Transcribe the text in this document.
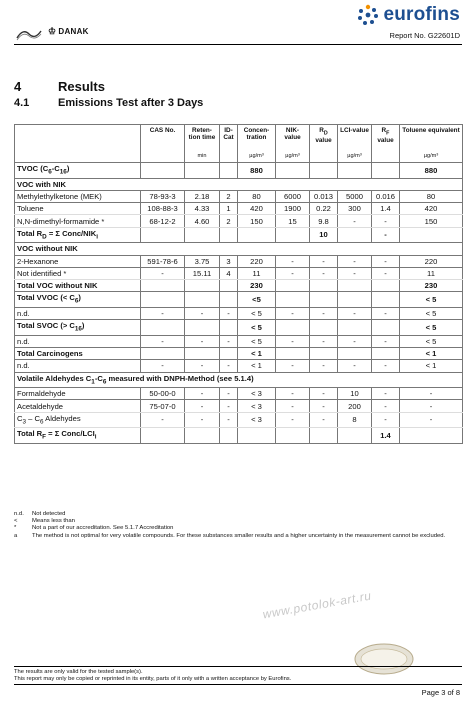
♔ DANAK
eurofins
Report No. G22601D
4	Results
4.1	Emissions Test after 3 Days
	CAS No.	Reten-tion time	ID-Cat	Concen-tration	NIK-value	$R_D$ value	LCI-value	$R_F$ value	Toluene equivalent
		min		µg/m³	µg/m³		µg/m³		µg/m³
TVOC $(C_6-C_{16})$				880					880
VOC with NIK									
Methylethylketone (MEK)	78-93-3	2.18	2	80	6000	0.013	5000	0.016	80
Toluene	108-88-3	4.33	1	420	1900	0.22	300	1.4	420
N,N-dimethyl-formamide *	68-12-2	4.60	2	150	15	9.8	-	-	150
Total $R_D = \Sigma$ Conc/$NIK_i$						10		-	
VOC without NIK									
2-Hexanone	591-78-6	3.75	3	220	-	-	-	-	220
Not identified *	-	15.11	4	11	-	-	-	-	11
Total VOC without NIK				230					230
Total VVOC (< $C_6$)				<5					< 5
n.d.	-	-	-	< 5	-	-	-	-	< 5
Total SVOC (> $C_{16}$)				< 5					< 5
n.d.	-	-	-	< 5	-	-	-	-	< 5
Total Carcinogens				< 1					< 1
n.d.	-	-	-	< 1	-	-	-	-	< 1
Volatile Aldehydes $C_1-C_6$ measured with DNPH-Method (see 5.1.4)									
Formaldehyde	50-00-0	-	-	< 3	-	-	10	-	-
Acetaldehyde	75-07-0	-	-	< 3	-	-	200	-	-
$C_3 - C_6$ Aldehydes	-	-	-	< 3	-	-	8	-	-
Total $R_F = \Sigma$ Conc/$LCI_i$								1.4	
n.d.	Not detected
<	Means less than
*	Not a part of our accreditation. See 5.1.7 Accreditation
a	The method is not optimal for very volatile compounds. For these substances smaller results and a higher uncertainty in the measurement cannot be excluded.
www.potolok-art.ru
The results are only valid for the tested sample(s).
This report may only be copied or reprinted in its entity, parts of it only with a written acceptance by Eurofins.
Page 3 of 8
